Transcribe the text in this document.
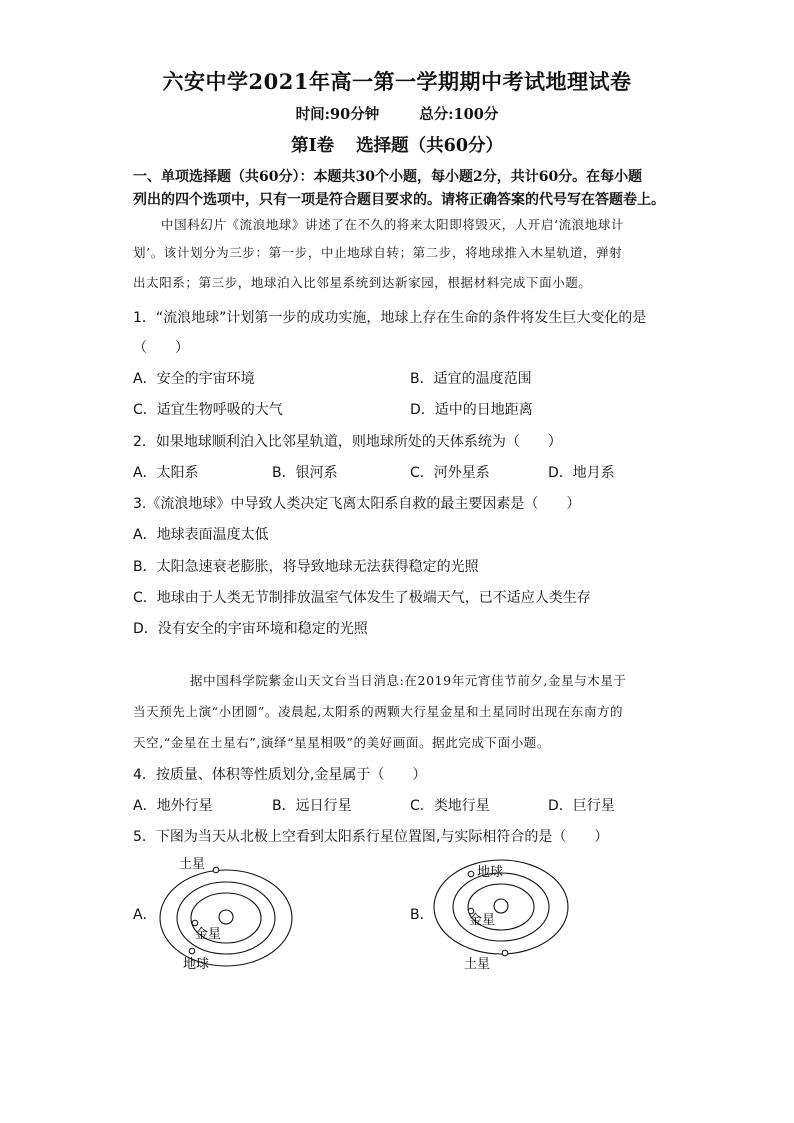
六安中学2021年高一第一学期期中考试地理试卷
时间:90分钟	总分:100分
第Ⅰ卷 选择题（共60分）
一、单项选择题（共60分）：本题共30个小题，每小题2分，共计60分。在每小题
列出的四个选项中，只有一项是符合题目要求的。请将正确答案的代号写在答题卷上。
中国科幻片《流浪地球》讲述了在不久的将来太阳即将毁灭，人开启‘流浪地球计
划’。该计划分为三步：第一步，中止地球自转；第二步，将地球推入木星轨道，弹射
出太阳系；第三步，地球泊入比邻星系统到达新家园，根据材料完成下面小题。
1．“流浪地球”计划第一步的成功实施，地球上存在生命的条件将发生巨大变化的是
（　　）
A．安全的宇宙环境	B．适宜的温度范围
C．适宜生物呼吸的大气	D．适中的日地距离
2．如果地球顺利泊入比邻星轨道，则地球所处的天体系统为（　　）
A．太阳系	B．银河系	C．河外星系	D．地月系
3.《流浪地球》中导致人类决定飞离太阳系自救的最主要因素是（　　）
A．地球表面温度太低
B．太阳急速衰老膨胀，将导致地球无法获得稳定的光照
C．地球由于人类无节制排放温室气体发生了极端天气，已不适应人类生存
D．没有安全的宇宙环境和稳定的光照
据中国科学院紫金山天文台当日消息:在2019年元宵佳节前夕,金星与木星于
当天预先上演“小团圆”。凌晨起,太阳系的两颗大行星金星和土星同时出现在东南方的
天空,“金星在土星右”,演绎“星星相吸”的美好画面。据此完成下面小题。
4．按质量、体积等性质划分,金星属于（　　）
A．地外行星	B．远日行星	C．类地行星	D．巨行星
5．下图为当天从北极上空看到太阳系行星位置图,与实际相符合的是（　　）
A．
土星
金星
地球
B．
地球
金星
土星
